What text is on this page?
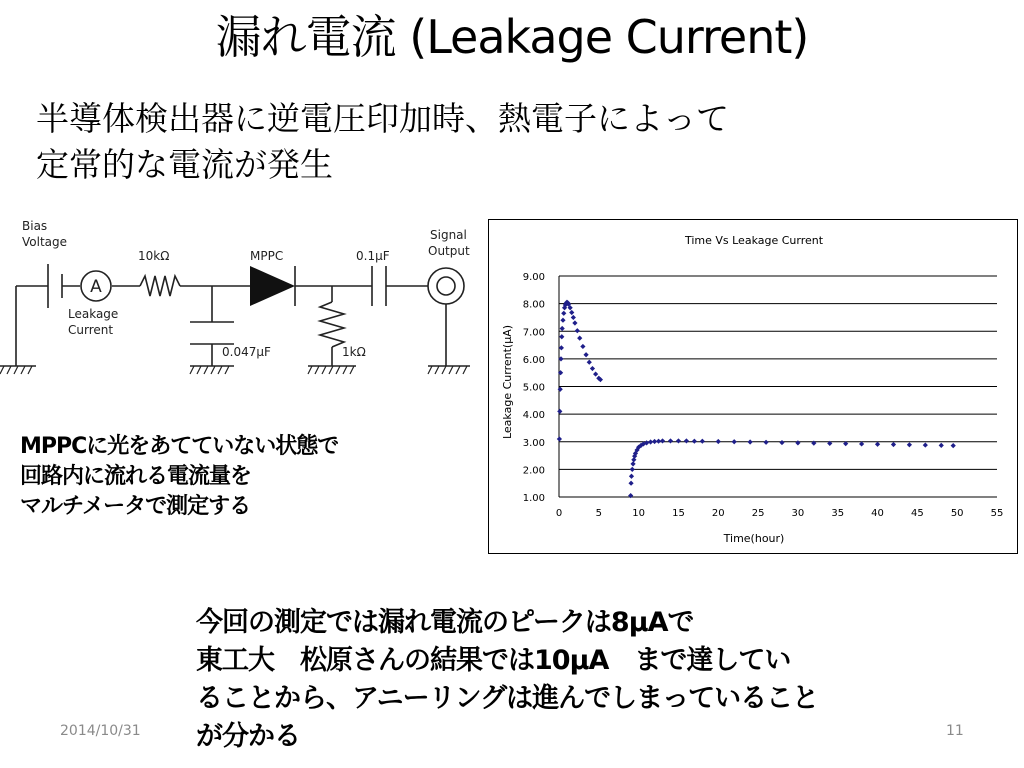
漏れ電流 (Leakage Current)
半導体検出器に逆電圧印加時、熱電子によって
定常的な電流が発生
Bias
Voltage
A
Leakage
Current
10kΩ	MPPC	0.1μF
0.047μF	1kΩ
Signal
Output
Time Vs Leakage Current
Time(hour)
Leakage Current(μA)
1.00
2.00
3.00
4.00
5.00
6.00
7.00
8.00
9.00
0	5	10	15	20	25	30	35	40	45	50	55
MPPCに光をあてていない状態で
回路内に流れる電流量を
マルチメータで測定する
今回の測定では漏れ電流のピークは8μAで
東工大　松原さんの結果では10μA　まで達してい
ることから、アニーリングは進んでしまっていること
が分かる
2014/10/31	11
